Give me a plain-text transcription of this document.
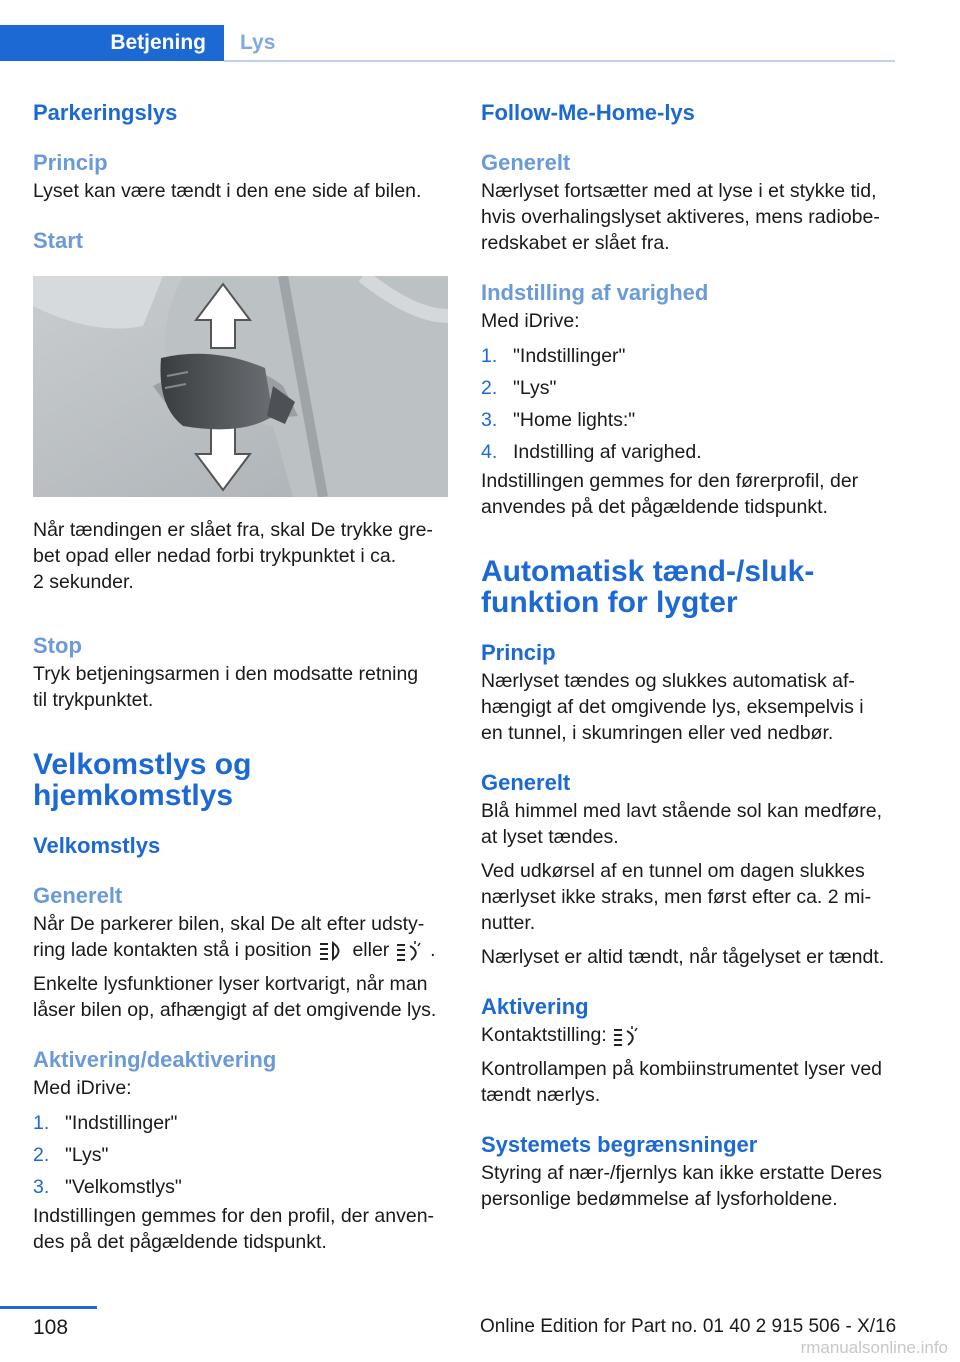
Betjening	Lys

Parkeringslys

Princip

Lyset kan være tændt i den ene side af bilen.

Start

Når tændingen er slået fra, skal De trykke gre-
bet opad eller nedad forbi trykpunktet i ca.
2 sekunder.

Stop

Tryk betjeningsarmen i den modsatte retning
til trykpunktet.

Velkomstlys og
hjemkomstlys

Velkomstlys

Generelt

Når De parkerer bilen, skal De alt efter udsty-
ring lade kontakten stå i position eller .

Enkelte lysfunktioner lyser kortvarigt, når man
låser bilen op, afhængigt af det omgivende lys.

Aktivering/deaktivering

Med iDrive:

1. "Indstillinger"
2. "Lys"
3. "Velkomstlys"

Indstillingen gemmes for den profil, der anven-
des på det pågældende tidspunkt.

Follow-Me-Home-lys

Generelt

Nærlyset fortsætter med at lyse i et stykke tid,
hvis overhalingslyset aktiveres, mens radiobe-
redskabet er slået fra.

Indstilling af varighed

Med iDrive:

1. "Indstillinger"
2. "Lys"
3. "Home lights:"
4. Indstilling af varighed.

Indstillingen gemmes for den førerprofil, der
anvendes på det pågældende tidspunkt.

Automatisk tænd-/sluk-
funktion for lygter

Princip

Nærlyset tændes og slukkes automatisk af-
hængigt af det omgivende lys, eksempelvis i
en tunnel, i skumringen eller ved nedbør.

Generelt

Blå himmel med lavt stående sol kan medføre,
at lyset tændes.

Ved udkørsel af en tunnel om dagen slukkes
nærlyset ikke straks, men først efter ca. 2 mi-
nutter.

Nærlyset er altid tændt, når tågelyset er tændt.

Aktivering

Kontaktstilling:

Kontrollampen på kombiinstrumentet lyser ved
tændt nærlys.

Systemets begrænsninger

Styring af nær-/fjernlys kan ikke erstatte Deres
personlige bedømmelse af lysforholdene.

108	Online Edition for Part no. 01 40 2 915 506 - X/16
rmanualsonline.info
